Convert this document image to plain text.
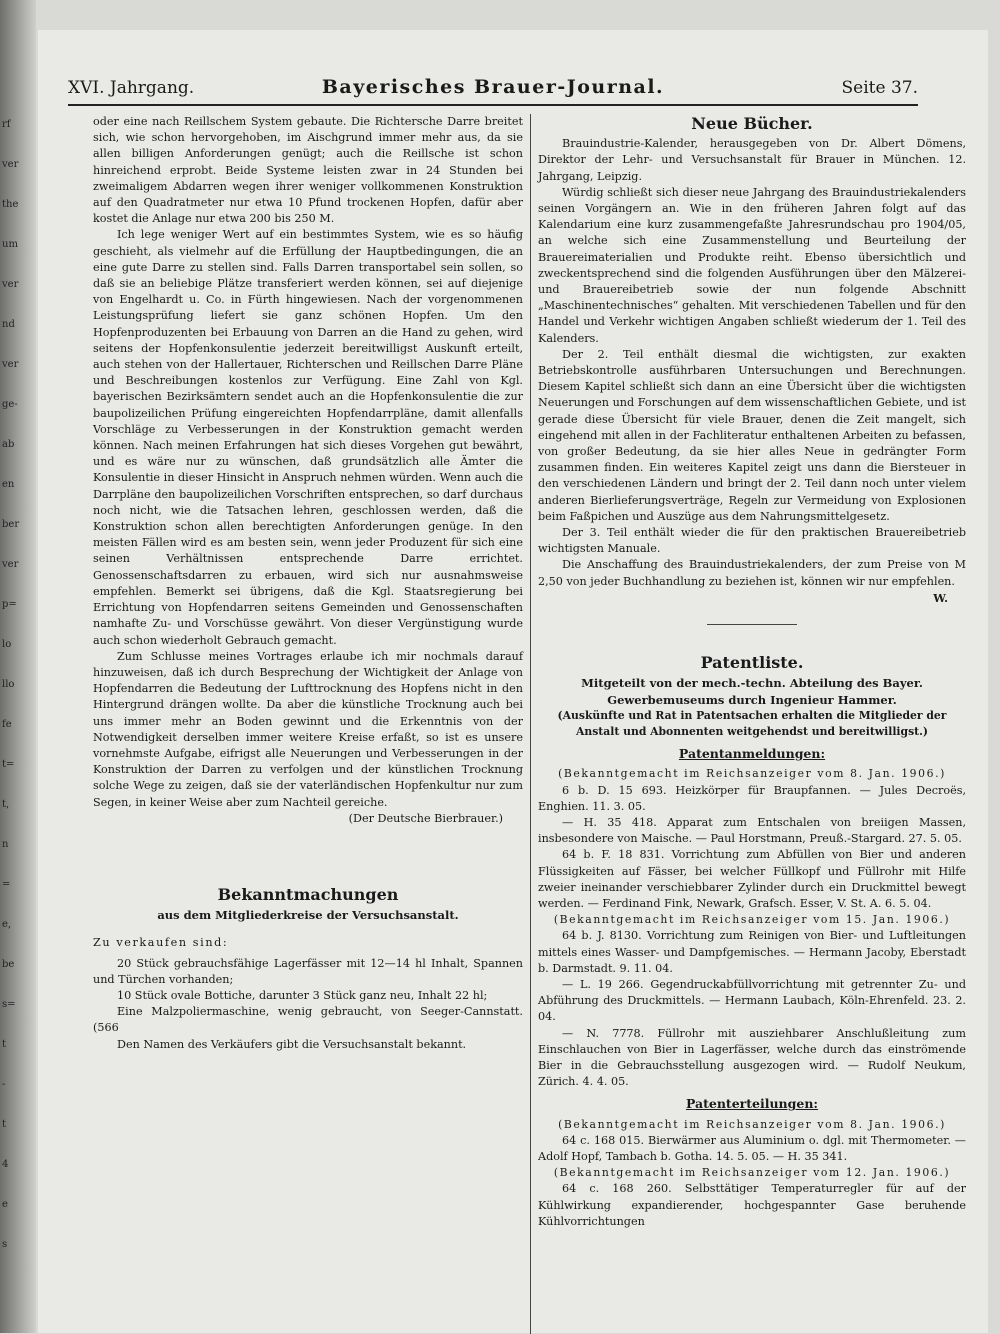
rf
ver
the
um
ver
nd
ver
ge-
ab
en
ber
ver
p=
lo
llo
fe
t=
t,
n
=
e,
be
s=
t
-
t
4
e
s
XVI. Jahrgang.	Bayerisches Brauer-Journal.	Seite 37.

oder eine nach Reillschem System gebaute. Die Richtersche Darre breitet sich, wie schon hervorgehoben, im Aischgrund immer mehr aus, da sie allen billigen Anforderungen genügt; auch die Reillsche ist schon hinreichend erprobt. Beide Systeme leisten zwar in 24 Stunden bei zweimaligem Abdarren wegen ihrer weniger vollkommenen Konstruktion auf den Quadratmeter nur etwa 10 Pfund trockenen Hopfen, dafür aber kostet die Anlage nur etwa 200 bis 250 M.

Ich lege weniger Wert auf ein bestimmtes System, wie es so häufig geschieht, als vielmehr auf die Erfüllung der Hauptbedingungen, die an eine gute Darre zu stellen sind. Falls Darren transportabel sein sollen, so daß sie an beliebige Plätze transferiert werden können, sei auf diejenige von Engelhardt u. Co. in Fürth hingewiesen. Nach der vorgenommenen Leistungsprüfung liefert sie ganz schönen Hopfen. Um den Hopfenproduzenten bei Erbauung von Darren an die Hand zu gehen, wird seitens der Hopfenkonsulentie jederzeit bereitwilligst Auskunft erteilt, auch stehen von der Hallertauer, Richterschen und Reillschen Darre Pläne und Beschreibungen kostenlos zur Verfügung. Eine Zahl von Kgl. bayerischen Bezirksämtern sendet auch an die Hopfenkonsulentie die zur baupolizeilichen Prüfung eingereichten Hopfendarrpläne, damit allenfalls Vorschläge zu Verbesserungen in der Konstruktion gemacht werden können. Nach meinen Erfahrungen hat sich dieses Vorgehen gut bewährt, und es wäre nur zu wünschen, daß grundsätzlich alle Ämter die Konsulentie in dieser Hinsicht in Anspruch nehmen würden. Wenn auch die Darrpläne den baupolizeilichen Vorschriften entsprechen, so darf durchaus noch nicht, wie die Tatsachen lehren, geschlossen werden, daß die Konstruktion schon allen berechtigten Anforderungen genüge. In den meisten Fällen wird es am besten sein, wenn jeder Produzent für sich eine seinen Verhältnissen entsprechende Darre errichtet. Genossenschaftsdarren zu erbauen, wird sich nur ausnahmsweise empfehlen. Bemerkt sei übrigens, daß die Kgl. Staatsregierung bei Errichtung von Hopfendarren seitens Gemeinden und Genossenschaften namhafte Zu- und Vorschüsse gewährt. Von dieser Vergünstigung wurde auch schon wiederholt Gebrauch gemacht.

Zum Schlusse meines Vortrages erlaube ich mir nochmals darauf hinzuweisen, daß ich durch Besprechung der Wichtigkeit der Anlage von Hopfendarren die Bedeutung der Lufttrocknung des Hopfens nicht in den Hintergrund drängen wollte. Da aber die künstliche Trocknung auch bei uns immer mehr an Boden gewinnt und die Erkenntnis von der Notwendigkeit derselben immer weitere Kreise erfaßt, so ist es unsere vornehmste Aufgabe, eifrigst alle Neuerungen und Verbesserungen in der Konstruktion der Darren zu verfolgen und der künstlichen Trocknung solche Wege zu zeigen, daß sie der vaterländischen Hopfenkultur nur zum Segen, in keiner Weise aber zum Nachteil gereiche.

(Der Deutsche Bierbrauer.)

Bekanntmachungen
aus dem Mitgliederkreise der Versuchsanstalt.

Zu verkaufen sind:

20 Stück gebrauchsfähige Lagerfässer mit 12—14 hl Inhalt, Spannen und Türchen vorhanden;

10 Stück ovale Bottiche, darunter 3 Stück ganz neu, Inhalt 22 hl;

Eine Malzpoliermaschine, wenig gebraucht, von Seeger-Cannstatt. (566

Den Namen des Verkäufers gibt die Versuchsanstalt bekannt.

Neue Bücher.

Brauindustrie-Kalender, herausgegeben von Dr. Albert Dömens, Direktor der Lehr- und Versuchsanstalt für Brauer in München. 12. Jahrgang, Leipzig.

Würdig schließt sich dieser neue Jahrgang des Brauindustriekalenders seinen Vorgängern an. Wie in den früheren Jahren folgt auf das Kalendarium eine kurz zusammengefaßte Jahresrundschau pro 1904/05, an welche sich eine Zusammenstellung und Beurteilung der Brauereimaterialien und Produkte reiht. Ebenso übersichtlich und zweckentsprechend sind die folgenden Ausführungen über den Mälzerei- und Brauereibetrieb sowie der nun folgende Abschnitt „Maschinentechnisches“ gehalten. Mit verschiedenen Tabellen und für den Handel und Verkehr wichtigen Angaben schließt wiederum der 1. Teil des Kalenders.

Der 2. Teil enthält diesmal die wichtigsten, zur exakten Betriebskontrolle ausführbaren Untersuchungen und Berechnungen. Diesem Kapitel schließt sich dann an eine Übersicht über die wichtigsten Neuerungen und Forschungen auf dem wissenschaftlichen Gebiete, und ist gerade diese Übersicht für viele Brauer, denen die Zeit mangelt, sich eingehend mit allen in der Fachliteratur enthaltenen Arbeiten zu befassen, von großer Bedeutung, da sie hier alles Neue in gedrängter Form zusammen finden. Ein weiteres Kapitel zeigt uns dann die Biersteuer in den verschiedenen Ländern und bringt der 2. Teil dann noch unter vielem anderen Bierlieferungsverträge, Regeln zur Vermeidung von Explosionen beim Faßpichen und Auszüge aus dem Nahrungsmittelgesetz.

Der 3. Teil enthält wieder die für den praktischen Brauereibetrieb wichtigsten Manuale.

Die Anschaffung des Brauindustriekalenders, der zum Preise von M 2,50 von jeder Buchhandlung zu beziehen ist, können wir nur empfehlen.

W.

Patentliste.
Mitgeteilt von der mech.-techn. Abteilung des Bayer. Gewerbemuseums durch Ingenieur Hammer.
(Auskünfte und Rat in Patentsachen erhalten die Mitglieder der Anstalt und Abonnenten weitgehendst und bereitwilligst.)
Patentanmeldungen:

(Bekanntgemacht im Reichsanzeiger vom 8. Jan. 1906.)

6 b. D. 15 693. Heizkörper für Braupfannen. — Jules Decroës, Enghien. 11. 3. 05.

— H. 35 418. Apparat zum Entschalen von breiigen Massen, insbesondere von Maische. — Paul Horstmann, Preuß.-Stargard. 27. 5. 05.

64 b. F. 18 831. Vorrichtung zum Abfüllen von Bier und anderen Flüssigkeiten auf Fässer, bei welcher Füllkopf und Füllrohr mit Hilfe zweier ineinander verschiebbarer Zylinder durch ein Druckmittel bewegt werden. — Ferdinand Fink, Newark, Grafsch. Esser, V. St. A. 6. 5. 04.

(Bekanntgemacht im Reichsanzeiger vom 15. Jan. 1906.)

64 b. J. 8130. Vorrichtung zum Reinigen von Bier- und Luftleitungen mittels eines Wasser- und Dampfgemisches. — Hermann Jacoby, Eberstadt b. Darmstadt. 9. 11. 04.

— L. 19 266. Gegendruckabfüllvorrichtung mit getrennter Zu- und Abführung des Druckmittels. — Hermann Laubach, Köln-Ehrenfeld. 23. 2. 04.

— N. 7778. Füllrohr mit ausziehbarer Anschlußleitung zum Einschlauchen von Bier in Lagerfässer, welche durch das einströmende Bier in die Gebrauchsstellung ausgezogen wird. — Rudolf Neukum, Zürich. 4. 4. 05.

Patenterteilungen:

(Bekanntgemacht im Reichsanzeiger vom 8. Jan. 1906.)

64 c. 168 015. Bierwärmer aus Aluminium o. dgl. mit Thermometer. — Adolf Hopf, Tambach b. Gotha. 14. 5. 05. — H. 35 341.

(Bekanntgemacht im Reichsanzeiger vom 12. Jan. 1906.)

64 c. 168 260. Selbsttätiger Temperaturregler für auf der Kühlwirkung expandierender, hochgespannter Gase beruhende Kühlvorrichtungen
